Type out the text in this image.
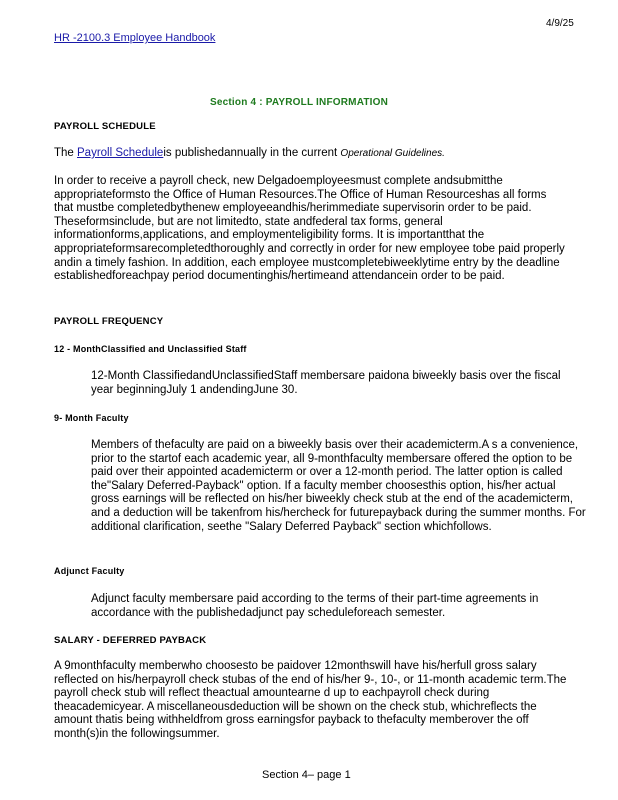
4/9/25
HR -2100.3 Employee Handbook
Section 4 : PAYROLL INFORMATION
PAYROLL SCHEDULE
The Payroll Scheduleis publishedannually in the current Operational Guidelines.
In order to receive a payroll check, new Delgadoemployeesmust complete andsubmitthe appropriateformsto the Office of Human Resources.The Office of Human Resourceshas all forms that mustbe completedbythenew employeeandhis/herimmediate supervisorin order to be paid. Theseformsinclude, but are not limitedto, state andfederal tax forms, general informationforms,applications, and employmenteligibility forms. It is importantthat the appropriateformsarecompletedthoroughly and correctly in order for new employee tobe paid properly andin a timely fashion. In addition, each employee mustcompletebiweeklytime entry by the deadline establishedforeachpay period documentinghis/hertimeand attendancein order to be paid.
PAYROLL FREQUENCY
12 - MonthClassified and Unclassified Staff
12-Month ClassifiedandUnclassifiedStaff membersare paidona biweekly basis over the fiscal year beginningJuly 1 andendingJune 30.
9- Month Faculty
Members of thefaculty are paid on a biweekly basis over their academicterm.A s a convenience, prior to the startof each academic year, all 9-monthfaculty membersare offered the option to be paid over their appointed academicterm or over a 12-month period. The latter option is called the"Salary Deferred-Payback" option. If a faculty member choosesthis option, his/her actual gross earnings will be reflected on his/her biweekly check stub at the end of the academicterm, and a deduction will be takenfrom his/hercheck for futurepayback during the summer months. For additional clarification, seethe "Salary Deferred Payback" section whichfollows.
Adjunct Faculty
Adjunct faculty membersare paid according to the terms of their part-time agreements in accordance with the publishedadjunct pay scheduleforeach semester.
SALARY - DEFERRED PAYBACK
A 9monthfaculty memberwho choosesto be paidover 12monthswill have his/herfull gross salary reflected on his/herpayroll check stubas of the end of his/her 9-, 10-, or 11-month academic term.The payroll check stub will reflect theactual amountearne d up to eachpayroll check during theacademicyear. A miscellaneousdeduction will be shown on the check stub, whichreflects the amount thatis being withheldfrom gross earningsfor payback to thefaculty memberover the off month(s)in the followingsummer.
Section 4– page 1
